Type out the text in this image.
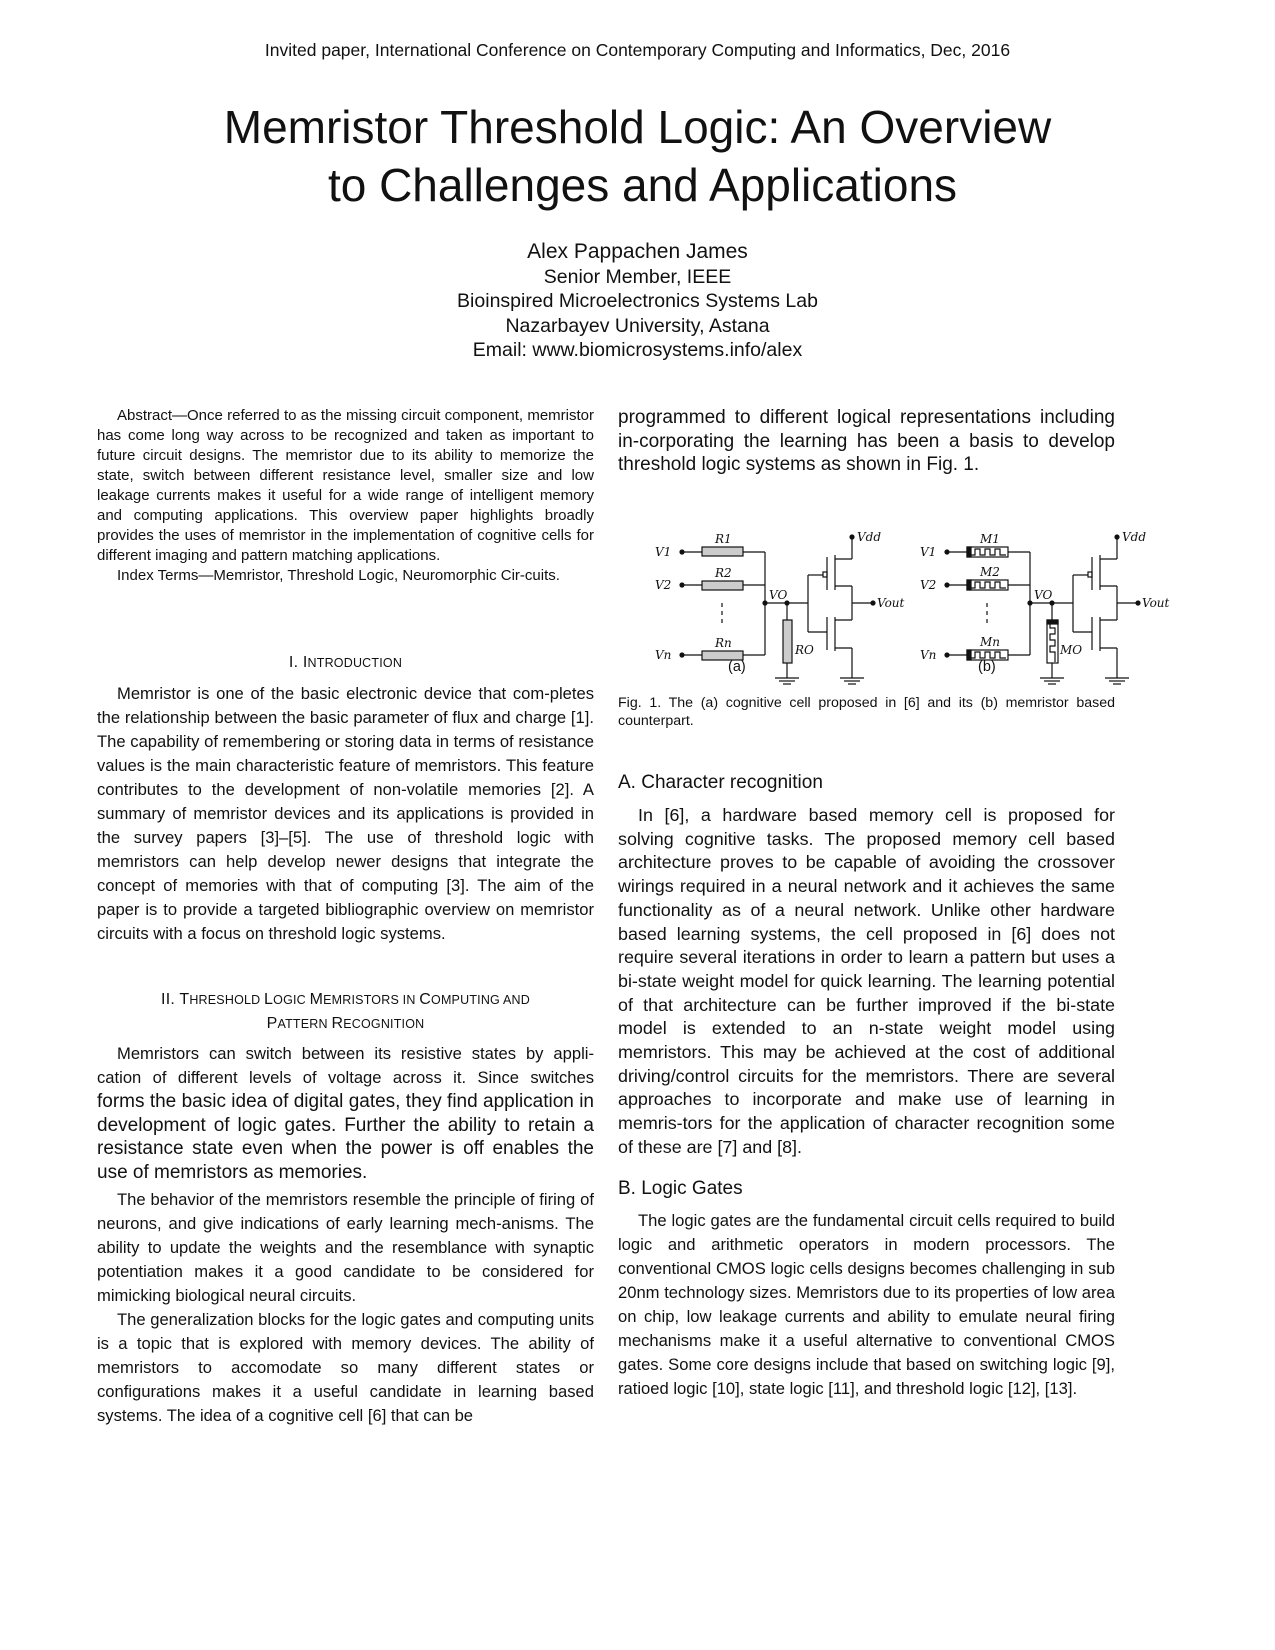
Invited paper, International Conference on Contemporary Computing and Informatics, Dec, 2016
Memristor Threshold Logic: An Overview
to Challenges and Applications
Alex Pappachen James
Senior Member, IEEE
Bioinspired Microelectronics Systems Lab
Nazarbayev University, Astana
Email: www.biomicrosystems.info/alex

Abstract—Once referred to as the missing circuit component, memristor has come long way across to be recognized and taken as important to future circuit designs. The memristor due to its ability to memorize the state, switch between different resistance level, smaller size and low leakage currents makes it useful for a wide range of intelligent memory and computing applications. This overview paper highlights broadly provides the uses of memristor in the implementation of cognitive cells for different imaging and pattern matching applications.

Index Terms—Memristor, Threshold Logic, Neuromorphic Cir-cuits.

I. INTRODUCTION

Memristor is one of the basic electronic device that com-pletes the relationship between the basic parameter of flux and charge [1]. The capability of remembering or storing data in terms of resistance values is the main characteristic feature of memristors. This feature contributes to the development of non-volatile memories [2]. A summary of memristor devices and its applications is provided in the survey papers [3]–[5]. The use of threshold logic with memristors can help develop newer designs that integrate the concept of memories with that of computing [3]. The aim of the paper is to provide a targeted bibliographic overview on memristor circuits with a focus on threshold logic systems.

II. THRESHOLD LOGIC MEMRISTORS IN COMPUTING AND
PATTERN RECOGNITION

Memristors can switch between its resistive states by appli-cation of different levels of voltage across it. Since switches

forms the basic idea of digital gates, they find application in development of logic gates. Further the ability to retain a resistance state even when the power is off enables the use of memristors as memories.

The behavior of the memristors resemble the principle of firing of neurons, and give indications of early learning mech-anisms. The ability to update the weights and the resemblance with synaptic potentiation makes it a good candidate to be considered for mimicking biological neural circuits.

The generalization blocks for the logic gates and computing units is a topic that is explored with memory devices. The ability of memristors to accomodate so many different states or configurations makes it a useful candidate in learning based systems. The idea of a cognitive cell [6] that can be

programmed to different logical representations including in-corporating the learning has been a basis to develop threshold logic systems as shown in Fig. 1.

V1
V2
Vn
R1
R2
Rn
VO
RO
Vdd
Vout
V1
V2
Vn
M1
M2
Mn
VO
MO
Vdd
Vout
(a)	(b)
Fig. 1. The (a) cognitive cell proposed in [6] and its (b) memristor based counterpart.
A. Character recognition

In [6], a hardware based memory cell is proposed for solving cognitive tasks. The proposed memory cell based architecture proves to be capable of avoiding the crossover wirings required in a neural network and it achieves the same functionality as of a neural network. Unlike other hardware based learning systems, the cell proposed in [6] does not require several iterations in order to learn a pattern but uses a bi-state weight model for quick learning. The learning potential of that architecture can be further improved if the bi-state model is extended to an n-state weight model using memristors. This may be achieved at the cost of additional driving/control circuits for the memristors. There are several approaches to incorporate and make use of learning in memris-tors for the application of character recognition some of these are [7] and [8].

B. Logic Gates

The logic gates are the fundamental circuit cells required to build logic and arithmetic operators in modern processors. The conventional CMOS logic cells designs becomes challenging in sub 20nm technology sizes. Memristors due to its properties of low area on chip, low leakage currents and ability to emulate neural firing mechanisms make it a useful alternative to conventional CMOS gates. Some core designs include that based on switching logic [9], ratioed logic [10], state logic [11], and threshold logic [12], [13].
